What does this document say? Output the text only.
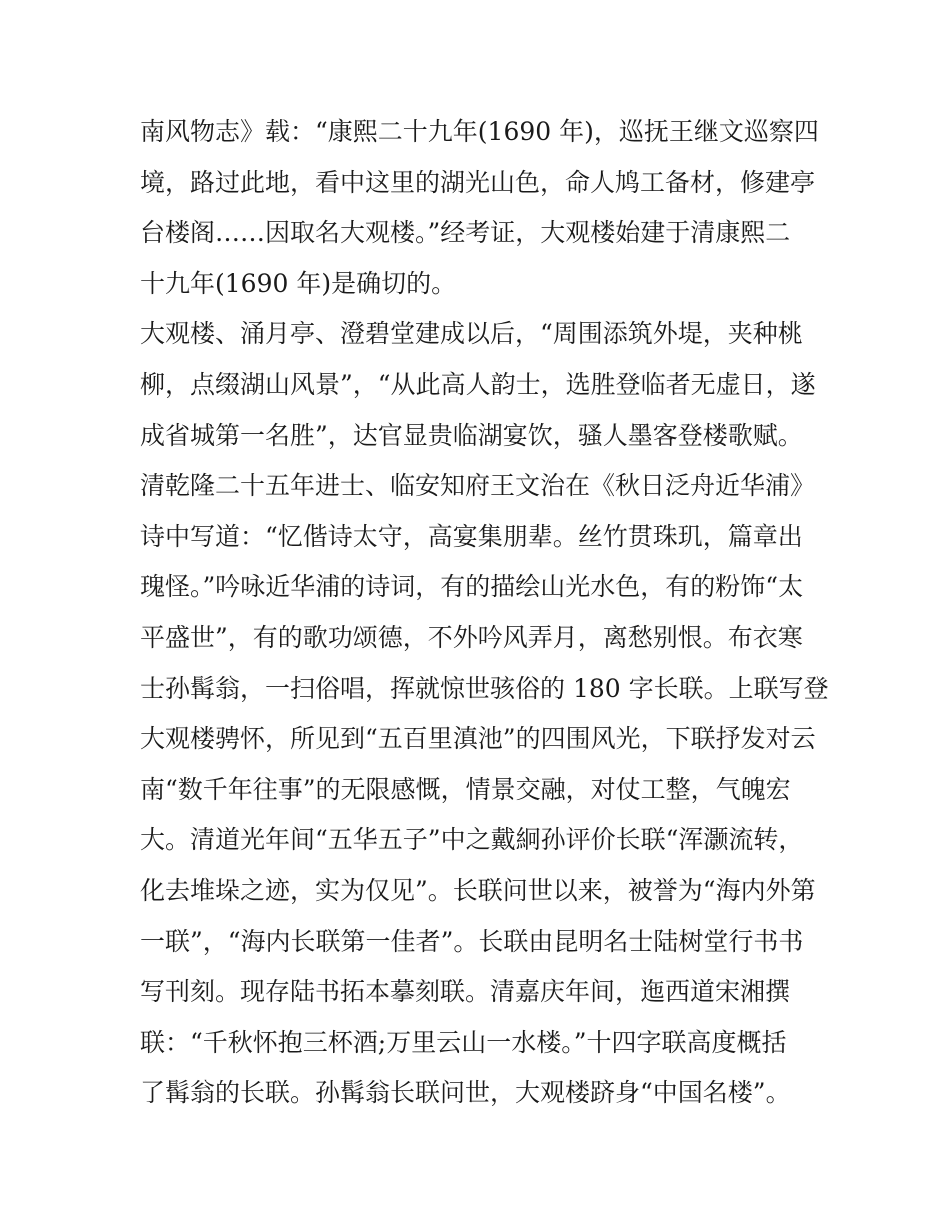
南风物志》载：“康熙二十九年(1690 年)，巡抚王继文巡察四
境，路过此地，看中这里的湖光山色，命人鸠工备材，修建亭
台楼阁……因取名大观楼。”经考证，大观楼始建于清康熙二
十九年(1690 年)是确切的。
大观楼、涌月亭、澄碧堂建成以后，“周围添筑外堤，夹种桃
柳，点缀湖山风景”，“从此高人韵士，选胜登临者无虚日，遂
成省城第一名胜”，达官显贵临湖宴饮，骚人墨客登楼歌赋。
清乾隆二十五年进士、临安知府王文治在《秋日泛舟近华浦》
诗中写道：“忆偕诗太守，高宴集朋辈。丝竹贯珠玑，篇章出
瑰怪。”吟咏近华浦的诗词，有的描绘山光水色，有的粉饰“太
平盛世”，有的歌功颂德，不外吟风弄月，离愁别恨。布衣寒
士孙髯翁，一扫俗唱，挥就惊世骇俗的 180 字长联。上联写登
大观楼骋怀，所见到“五百里滇池”的四围风光，下联抒发对云
南“数千年往事”的无限感慨，情景交融，对仗工整，气魄宏
大。清道光年间“五华五子”中之戴絅孙评价长联“浑灏流转，
化去堆垛之迹，实为仅见”。长联问世以来，被誉为“海内外第
一联”，“海内长联第一佳者”。长联由昆明名士陆树堂行书书
写刊刻。现存陆书拓本摹刻联。清嘉庆年间，迤西道宋湘撰
联：“千秋怀抱三杯酒;万里云山一水楼。”十四字联高度概括
了髯翁的长联。孙髯翁长联问世，大观楼跻身“中国名楼”。
